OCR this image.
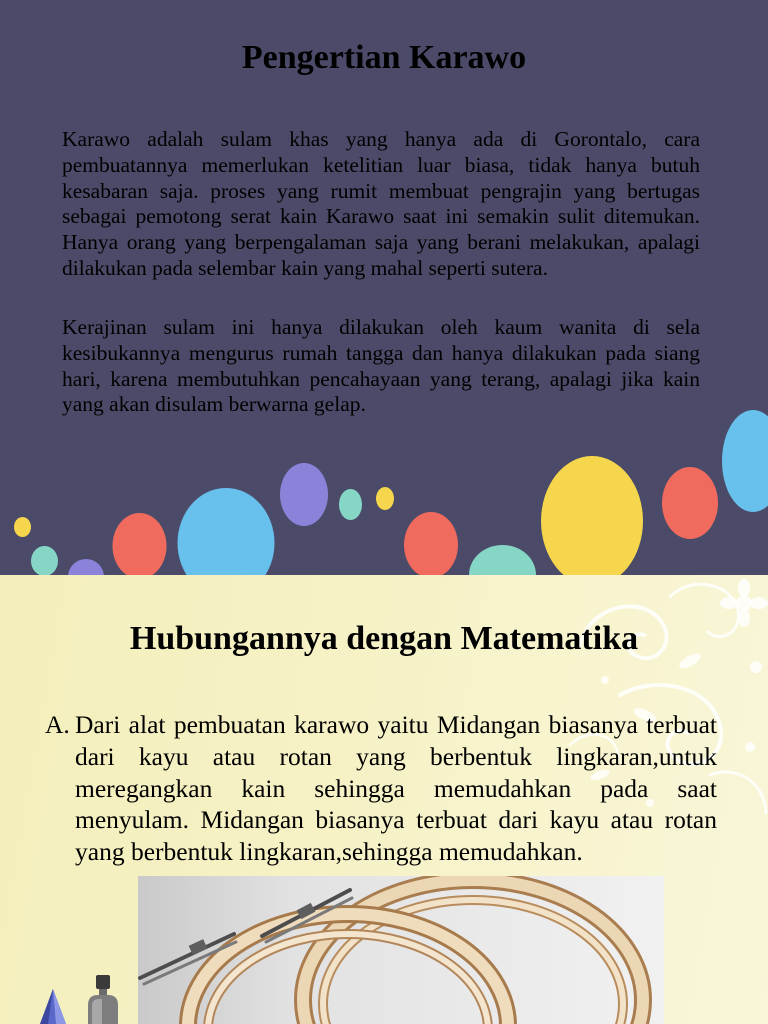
Pengertian Karawo

Karawo adalah sulam khas yang hanya ada di Gorontalo, cara pembuatannya memerlukan ketelitian luar biasa, tidak hanya butuh kesabaran saja. proses yang rumit membuat pengrajin yang bertugas sebagai pemotong serat kain Karawo saat ini semakin sulit ditemukan. Hanya orang yang berpengalaman saja yang berani melakukan, apalagi dilakukan pada selembar kain yang mahal seperti sutera.

Kerajinan sulam ini hanya dilakukan oleh kaum wanita di sela kesibukannya mengurus rumah tangga dan hanya dilakukan pada siang hari, karena membutuhkan pencahayaan yang terang, apalagi jika kain yang akan disulam berwarna gelap.

Hubungannya dengan Matematika
A. Dari alat pembuatan karawo yaitu Midangan biasanya terbuat dari kayu atau rotan yang berbentuk lingkaran,untuk meregangkan kain sehingga memudahkan pada saat menyulam. Midangan biasanya terbuat dari kayu atau rotan yang berbentuk lingkaran,sehingga memudahkan.
